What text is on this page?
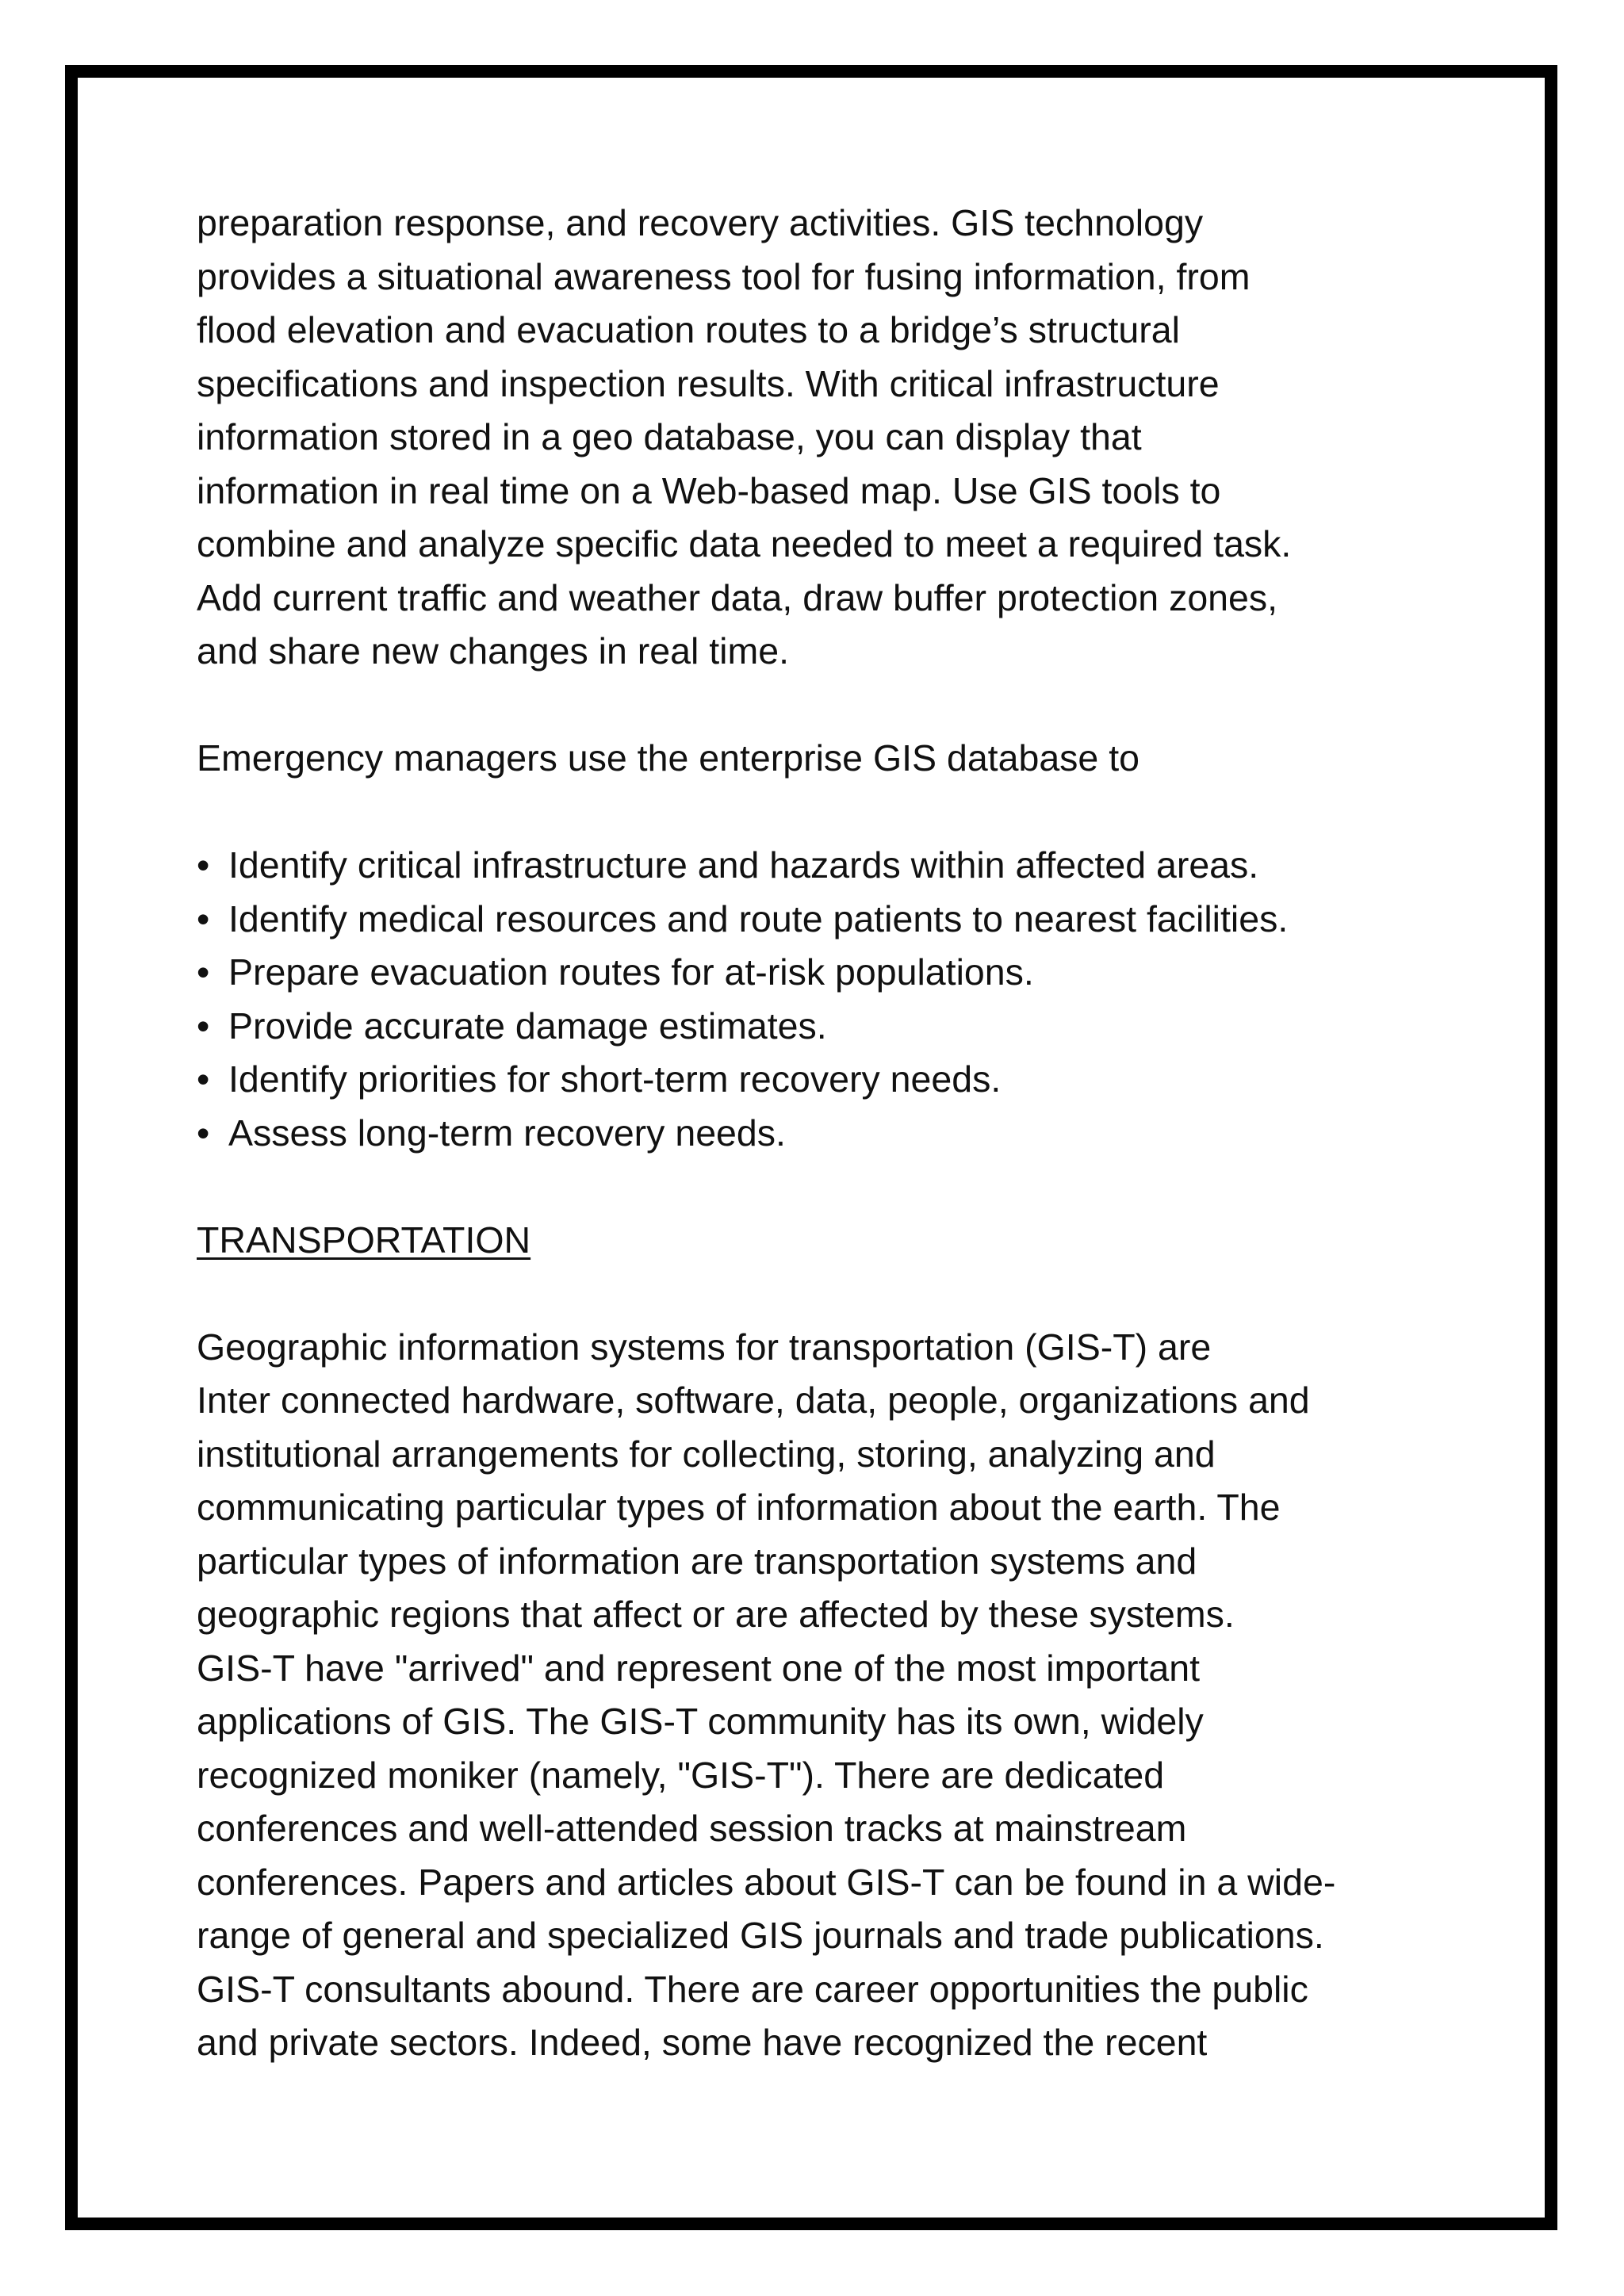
preparation response, and recovery activities. GIS technology
provides a situational awareness tool for fusing information, from
flood elevation and evacuation routes to a bridge’s structural
specifications and inspection results. With critical infrastructure
information stored in a geo database, you can display that
information in real time on a Web-based map. Use GIS tools to
combine and analyze specific data needed to meet a required task.
Add current traffic and weather data, draw buffer protection zones,
and share new changes in real time.

Emergency managers use the enterprise GIS database to

• Identify critical infrastructure and hazards within affected areas.
• Identify medical resources and route patients to nearest facilities.
• Prepare evacuation routes for at-risk populations.
• Provide accurate damage estimates.
• Identify priorities for short-term recovery needs.
• Assess long-term recovery needs.
TRANSPORTATION

Geographic information systems for transportation (GIS-T) are
Inter connected hardware, software, data, people, organizations and
institutional arrangements for collecting, storing, analyzing and
communicating particular types of information about the earth. The
particular types of information are transportation systems and
geographic regions that affect or are affected by these systems.
GIS-T have "arrived" and represent one of the most important
applications of GIS. The GIS-T community has its own, widely
recognized moniker (namely, "GIS-T"). There are dedicated
conferences and well-attended session tracks at mainstream
conferences. Papers and articles about GIS-T can be found in a wide-
range of general and specialized GIS journals and trade publications.
GIS-T consultants abound. There are career opportunities the public
and private sectors. Indeed, some have recognized the recent
